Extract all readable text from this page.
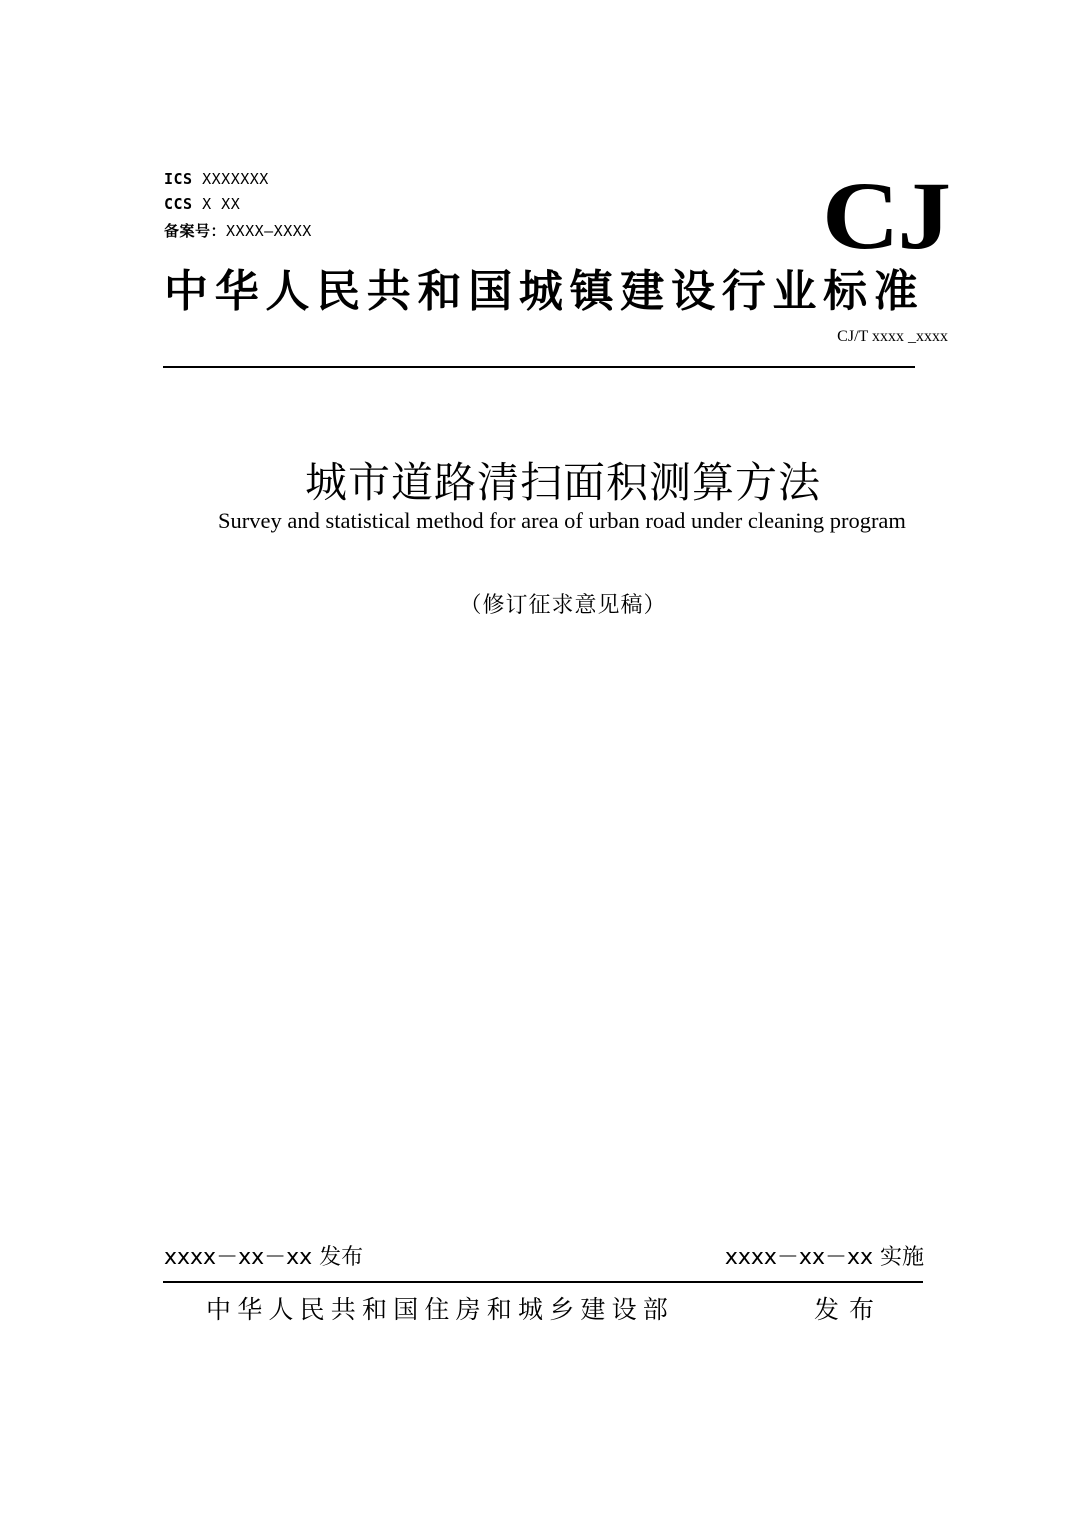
ICS XXXXXXX
CCS X XX
备案号：XXXX—XXXX	CJ
中华人民共和国城镇建设行业标准
CJ/T xxxx _xxxx
城市道路清扫面积测算方法
Survey and statistical method for area of urban road under cleaning program
（修订征求意见稿）
xxxx－xx－xx 发布	xxxx－xx－xx 实施
中华人民共和国住房和城乡建设部	发布
